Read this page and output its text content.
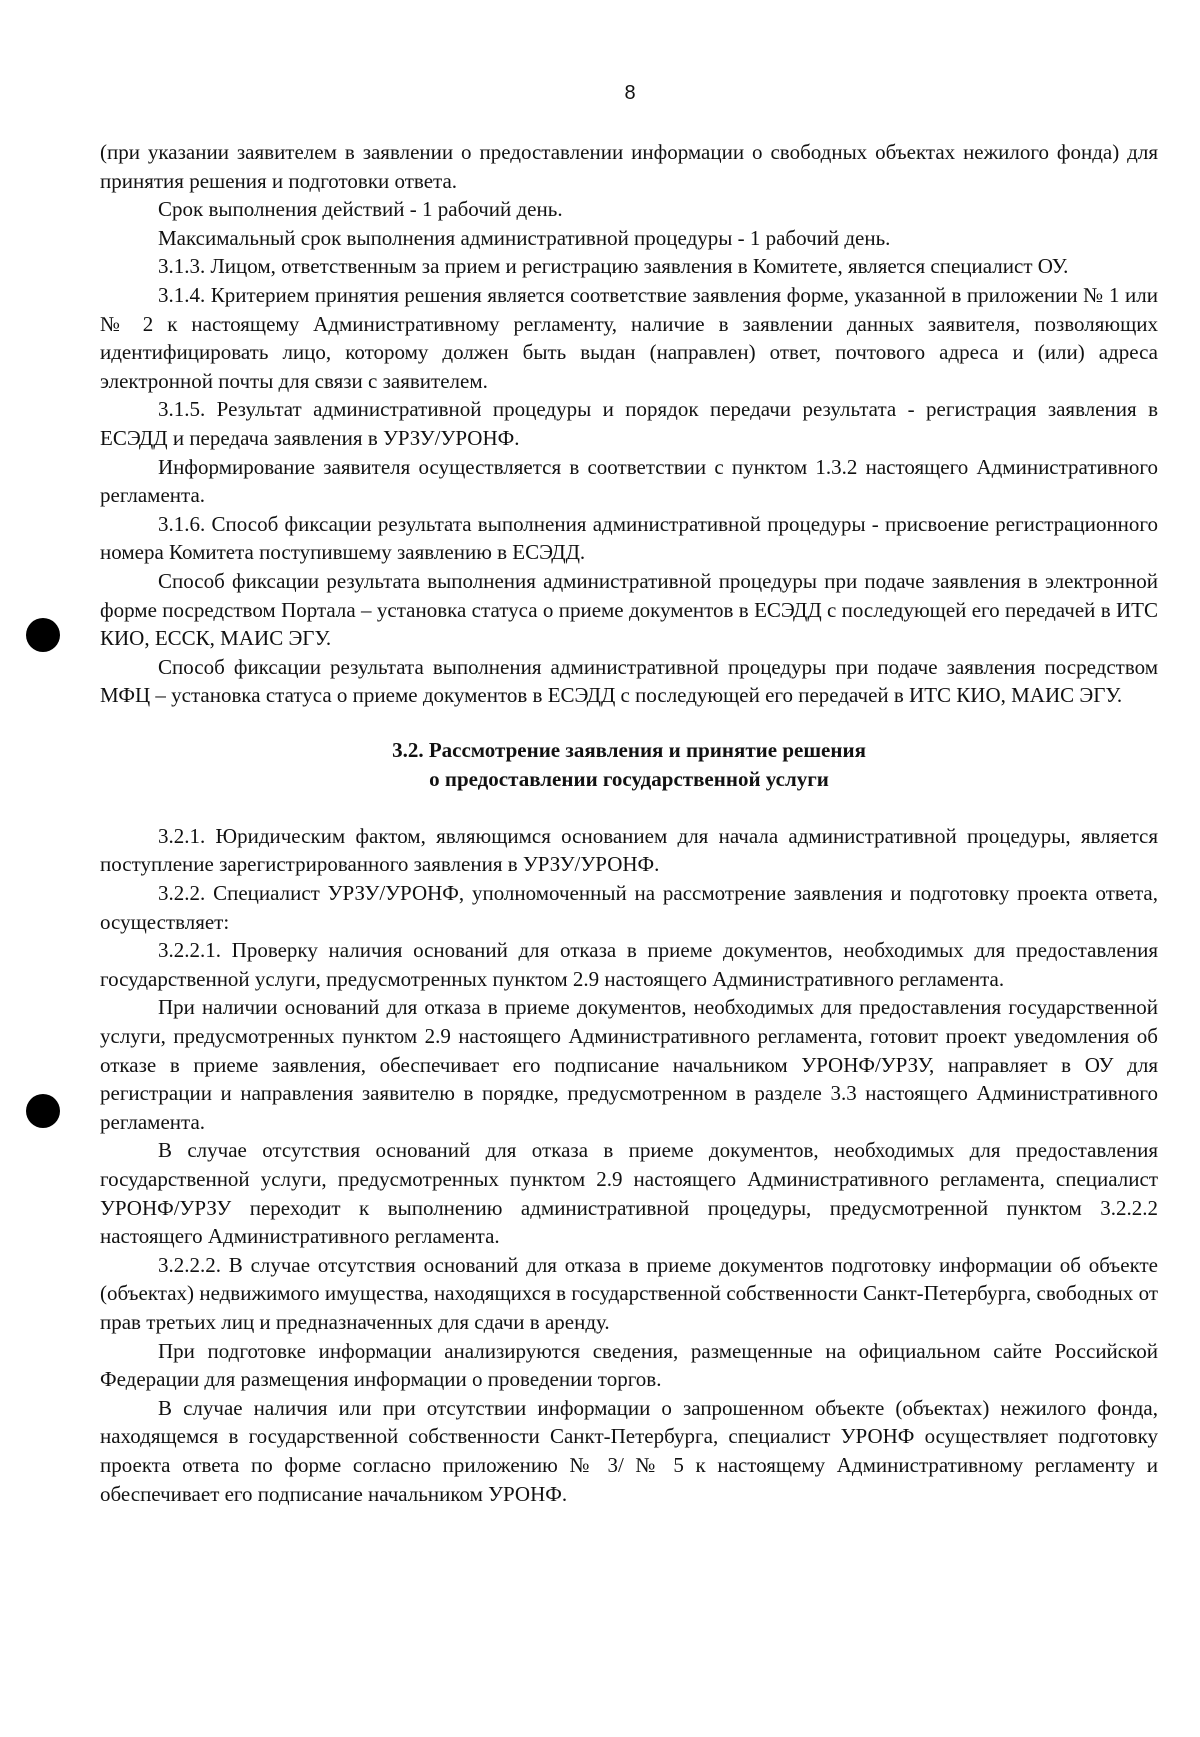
8

(при указании заявителем в заявлении о предоставлении информации о свободных объектах нежилого фонда) для принятия решения и подготовки ответа.

Срок выполнения действий - 1 рабочий день.

Максимальный срок выполнения административной процедуры - 1 рабочий день.

3.1.3. Лицом, ответственным за прием и регистрацию заявления в Комитете, является специалист ОУ.

3.1.4. Критерием принятия решения является соответствие заявления форме, указанной в приложении № 1 или № 2 к настоящему Административному регламенту, наличие в заявлении данных заявителя, позволяющих идентифицировать лицо, которому должен быть выдан (направлен) ответ, почтового адреса и (или) адреса электронной почты для связи с заявителем.

3.1.5. Результат административной процедуры и порядок передачи результата - регистрация заявления в ЕСЭДД и передача заявления в УРЗУ/УРОНФ.

Информирование заявителя осуществляется в соответствии с пунктом 1.3.2 настоящего Административного регламента.

3.1.6. Способ фиксации результата выполнения административной процедуры - присвоение регистрационного номера Комитета поступившему заявлению в ЕСЭДД.

Способ фиксации результата выполнения административной процедуры при подаче заявления в электронной форме посредством Портала – установка статуса о приеме документов в ЕСЭДД с последующей его передачей в ИТС КИО, ЕССК, МАИС ЭГУ.

Способ фиксации результата выполнения административной процедуры при подаче заявления посредством МФЦ – установка статуса о приеме документов в ЕСЭДД с последующей его передачей в ИТС КИО, МАИС ЭГУ.

3.2. Рассмотрение заявления и принятие решения
о предоставлении государственной услуги

3.2.1. Юридическим фактом, являющимся основанием для начала административной процедуры, является поступление зарегистрированного заявления в УРЗУ/УРОНФ.

3.2.2. Специалист УРЗУ/УРОНФ, уполномоченный на рассмотрение заявления и подготовку проекта ответа, осуществляет:

3.2.2.1. Проверку наличия оснований для отказа в приеме документов, необходимых для предоставления государственной услуги, предусмотренных пунктом 2.9 настоящего Административного регламента.

При наличии оснований для отказа в приеме документов, необходимых для предоставления государственной услуги, предусмотренных пунктом 2.9 настоящего Административного регламента, готовит проект уведомления об отказе в приеме заявления, обеспечивает его подписание начальником УРОНФ/УРЗУ, направляет в ОУ для регистрации и направления заявителю в порядке, предусмотренном в разделе 3.3 настоящего Административного регламента.

В случае отсутствия оснований для отказа в приеме документов, необходимых для предоставления государственной услуги, предусмотренных пунктом 2.9 настоящего Административного регламента, специалист УРОНФ/УРЗУ переходит к выполнению административной процедуры, предусмотренной пунктом 3.2.2.2 настоящего Административного регламента.

3.2.2.2. В случае отсутствия оснований для отказа в приеме документов подготовку информации об объекте (объектах) недвижимого имущества, находящихся в государственной собственности Санкт-Петербурга, свободных от прав третьих лиц и предназначенных для сдачи в аренду.

При подготовке информации анализируются сведения, размещенные на официальном сайте Российской Федерации для размещения информации о проведении торгов.

В случае наличия или при отсутствии информации о запрошенном объекте (объектах) нежилого фонда, находящемся в государственной собственности Санкт-Петербурга, специалист УРОНФ осуществляет подготовку проекта ответа по форме согласно приложению № 3/ № 5 к настоящему Административному регламенту и обеспечивает его подписание начальником УРОНФ.
